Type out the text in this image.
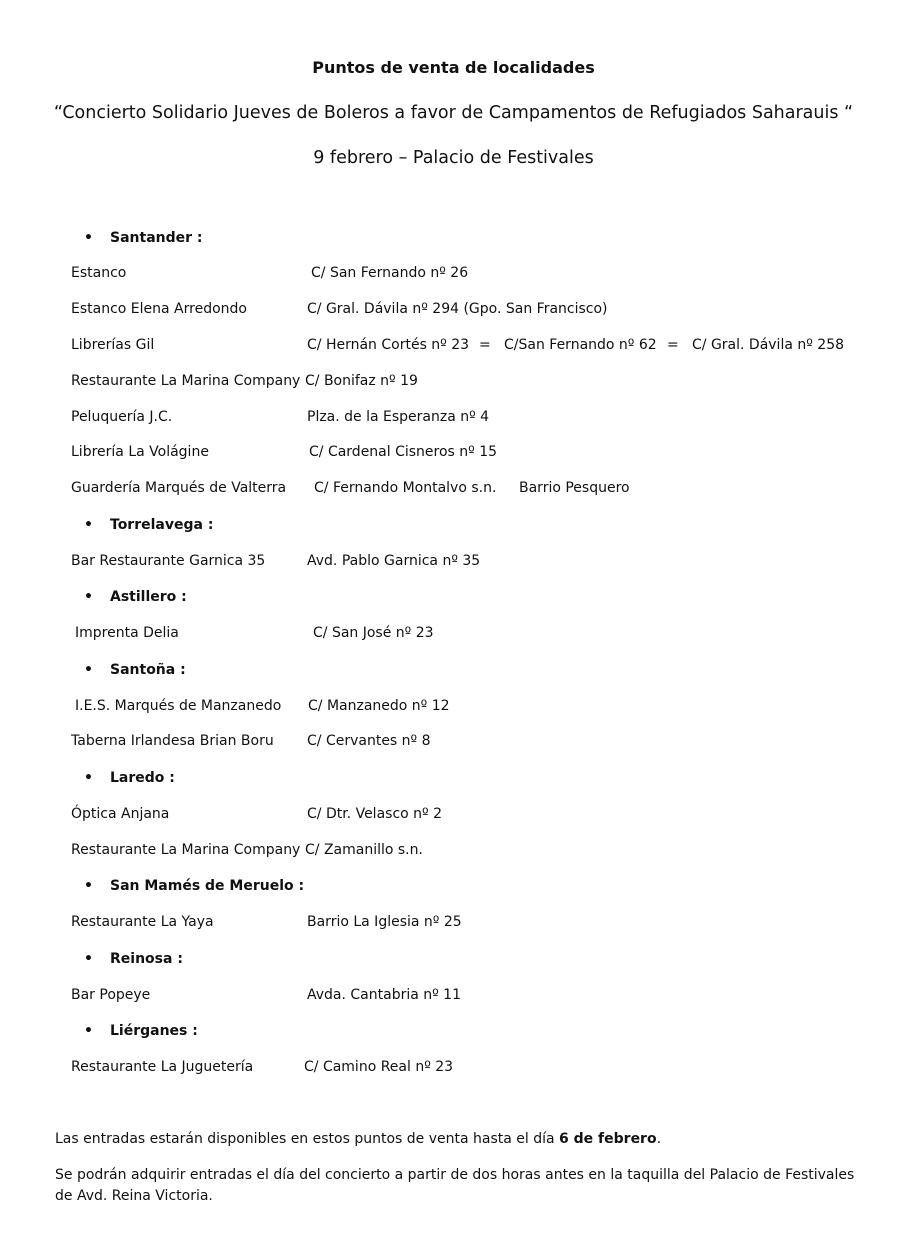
Puntos de venta de localidades
“Concierto Solidario Jueves de Boleros a favor de Campamentos de Refugiados Saharauis “
9 febrero – Palacio de Festivales
• Santander :
Estanco	C/ San Fernando nº 26
Estanco Elena Arredondo	C/ Gral. Dávila nº 294 (Gpo. San Francisco)
Librerías Gil	C/ Hernán Cortés nº 23 = C/San Fernando nº 62 = C/ Gral. Dávila nº 258
Restaurante La Marina Company C/ Bonifaz nº 19
Peluquería J.C.	Plza. de la Esperanza nº 4
Librería La Volágine	C/ Cardenal Cisneros nº 15
Guardería Marqués de Valterra C/ Fernando Montalvo s.n. Barrio Pesquero
• Torrelavega :
Bar Restaurante Garnica 35	Avd. Pablo Garnica nº 35
• Astillero :
Imprenta Delia	C/ San José nº 23
• Santoña :
I.E.S. Marqués de Manzanedo C/ Manzanedo nº 12
Taberna Irlandesa Brian Boru C/ Cervantes nº 8
• Laredo :
Óptica Anjana	C/ Dtr. Velasco nº 2
Restaurante La Marina Company C/ Zamanillo s.n.
• San Mamés de Meruelo :
Restaurante La Yaya	Barrio La Iglesia nº 25
• Reinosa :
Bar Popeye	Avda. Cantabria nº 11
• Liérganes :
Restaurante La Juguetería	C/ Camino Real nº 23

Las entradas estarán disponibles en estos puntos de venta hasta el día 6 de febrero.

Se podrán adquirir entradas el día del concierto a partir de dos horas antes en la taquilla del Palacio de Festivales de Avd. Reina Victoria.
